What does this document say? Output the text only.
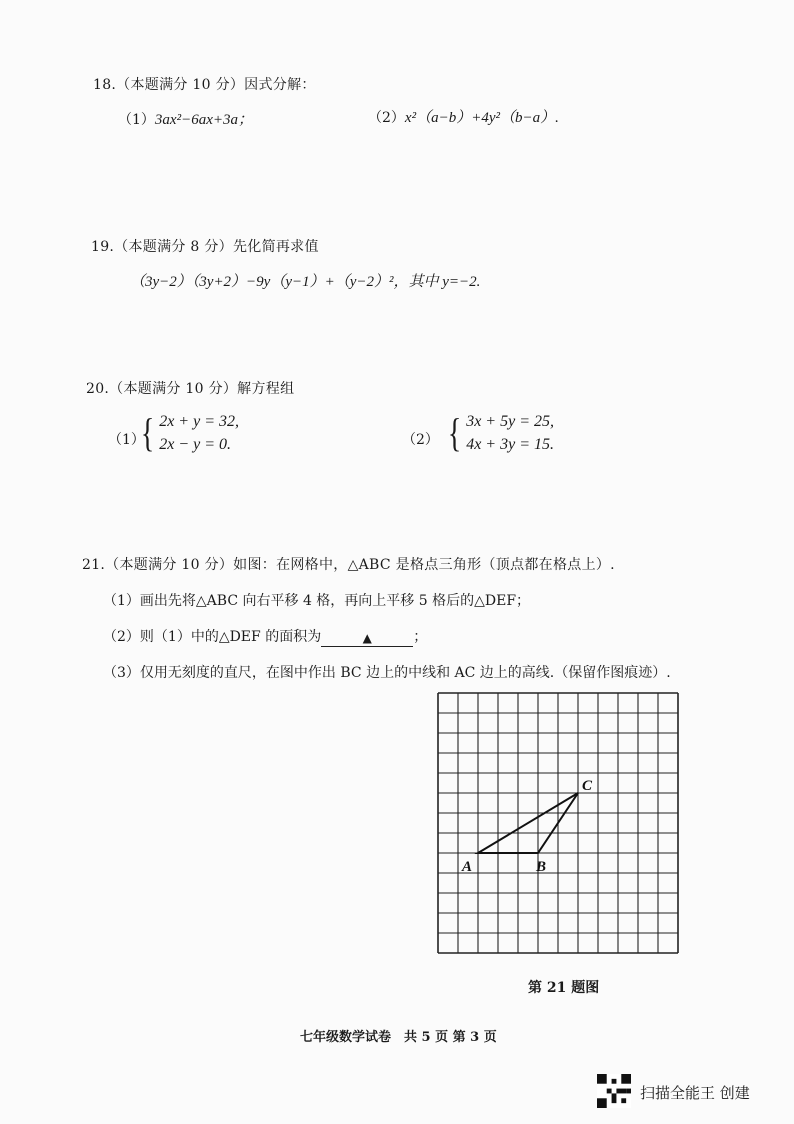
18.（本题满分 10 分）因式分解：
（1）3ax²−6ax+3a；	（2）x²（a−b）+4y²（b−a）.
19.（本题满分 8 分）先化简再求值
（3y−2）（3y+2）−9y（y−1）+（y−2）²，其中 y=−2.
20.（本题满分 10 分）解方程组
（1）
{ 2x + y = 32,
2x − y = 0.	（2） { 3x + 5y = 25,
4x + 3y = 15.
21.（本题满分 10 分）如图：在网格中，△ABC 是格点三角形（顶点都在格点上）.
（1）画出先将△ABC 向右平移 4 格，再向上平移 5 格后的△DEF；
（2）则（1）中的△DEF 的面积为	▲	；
（3）仅用无刻度的直尺，在图中作出 BC 边上的中线和 AC 边上的高线.（保留作图痕迹）.
A	B
C
第 21 题图
七年级数学试卷　共 5 页 第 3 页
扫描全能王 创建
